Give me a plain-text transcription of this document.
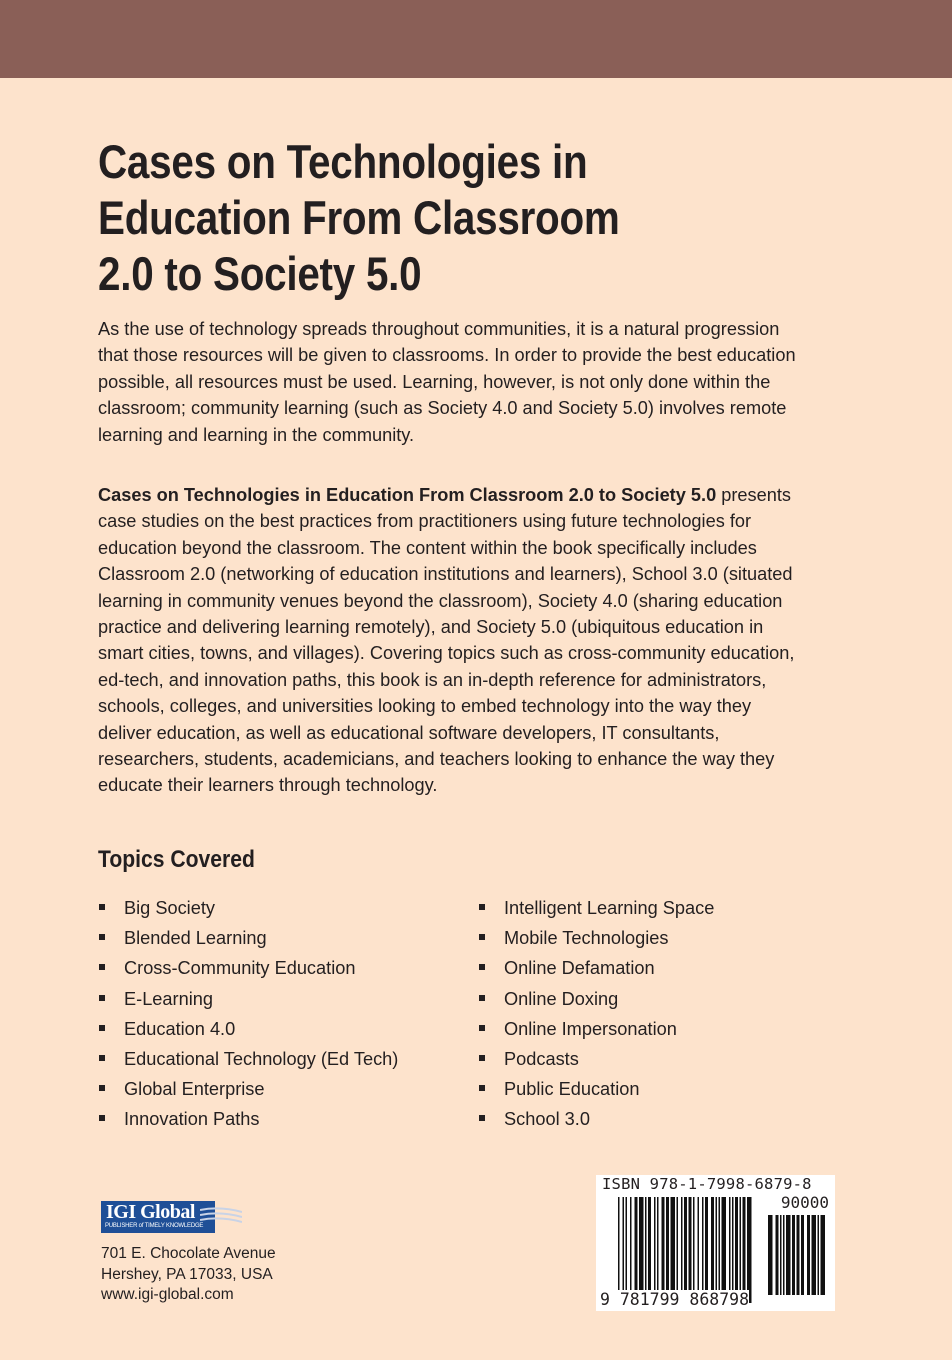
Cases on Technologies in
Education From Classroom
2.0 to Society 5.0
As the use of technology spreads throughout communities, it is a natural progression that those resources will be given to classrooms. In order to provide the best education possible, all resources must be used. Learning, however, is not only done within the classroom; community learning (such as Society 4.0 and Society 5.0) involves remote learning and learning in the community.
Cases on Technologies in Education From Classroom 2.0 to Society 5.0 presents case studies on the best practices from practitioners using future technologies for education beyond the classroom. The content within the book specifically includes Classroom 2.0 (networking of education institutions and learners), School 3.0 (situated learning in community venues beyond the classroom), Society 4.0 (sharing education practice and delivering learning remotely), and Society 5.0 (ubiquitous education in smart cities, towns, and villages). Covering topics such as cross-community education, ed-tech, and innovation paths, this book is an in-depth reference for administrators, schools, colleges, and universities looking to embed technology into the way they deliver education, as well as educational software developers, IT consultants, researchers, students, academicians, and teachers looking to enhance the way they educate their learners through technology.
Topics Covered
Big Society
Blended Learning
Cross-Community Education
E-Learning
Education 4.0
Educational Technology (Ed Tech)
Global Enterprise
Innovation Paths
Intelligent Learning Space
Mobile Technologies
Online Defamation
Online Doxing
Online Impersonation
Podcasts
Public Education
School 3.0
IGI Global
PUBLISHER of TIMELY KNOWLEDGE
701 E. Chocolate Avenue
Hershey, PA 17033, USA
www.igi-global.com
ISBN 978-1-7998-6879-8
90000
9 781799 868798
